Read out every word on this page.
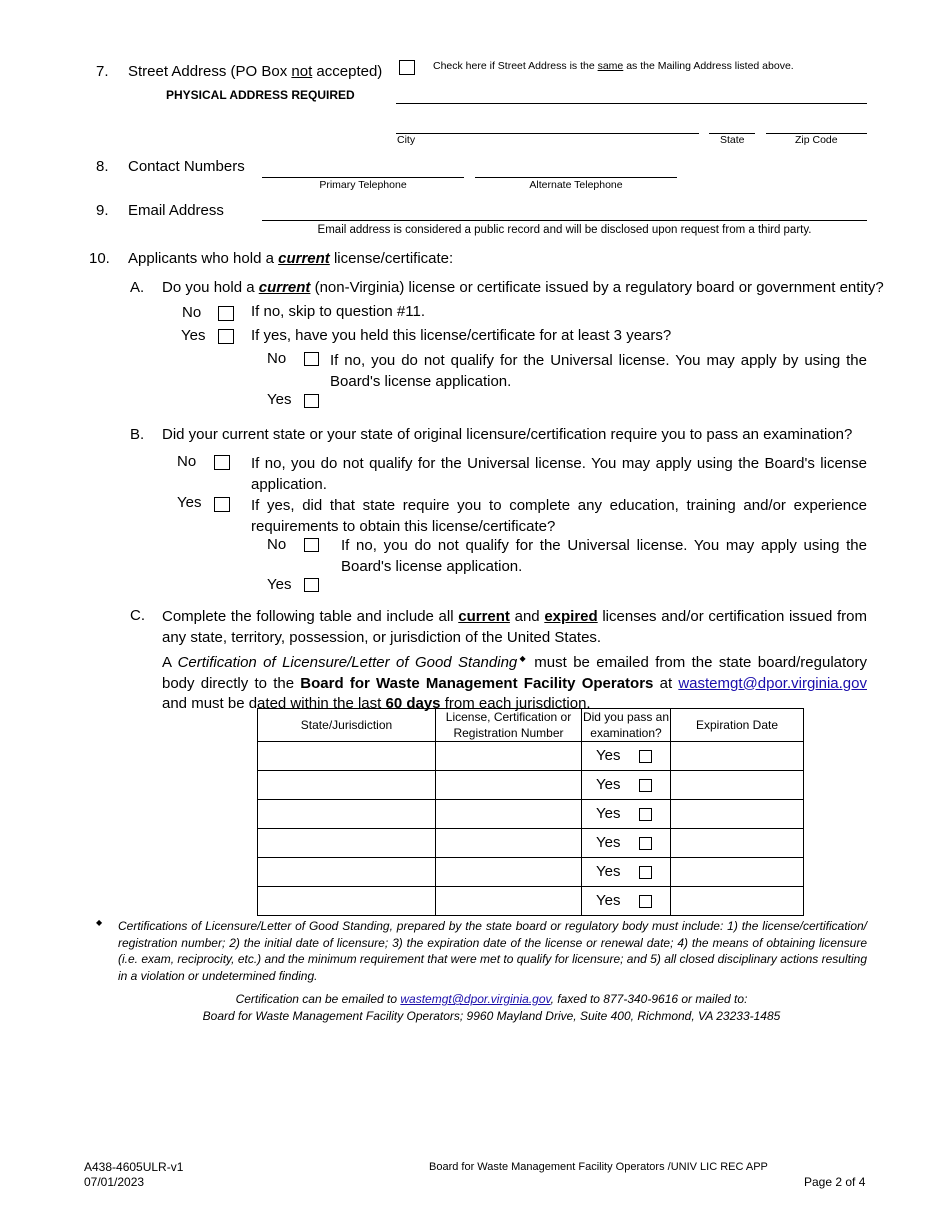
7. Street Address (PO Box not accepted)
PHYSICAL ADDRESS REQUIRED
Check here if Street Address is the same as the Mailing Address listed above.
City	State	Zip Code
8. Contact Numbers
Primary Telephone	Alternate Telephone
9. Email Address
Email address is considered a public record and will be disclosed upon request from a third party.
10. Applicants who hold a current license/certificate:
A. Do you hold a current (non-Virginia) license or certificate issued by a regulatory board or government entity?
No	If no, skip to question #11.
Yes	If yes, have you held this license/certificate for at least 3 years?
No	If no, you do not qualify for the Universal license. You may apply by using the Board's license application.
Yes
B. Did your current state or your state of original licensure/certification require you to pass an examination?
No	If no, you do not qualify for the Universal license. You may apply using the Board's license application.
Yes	If yes, did that state require you to complete any education, training and/or experience requirements to obtain this license/certificate?
No	If no, you do not qualify for the Universal license. You may apply using the Board's license application.
Yes
C. Complete the following table and include all current and expired licenses and/or certification issued from any state, territory, possession, or jurisdiction of the United States.
A Certification of Licensure/Letter of Good Standing◆ must be emailed from the state board/regulatory body directly to the Board for Waste Management Facility Operators at wastemgt@dpor.virginia.gov and must be dated within the last 60 days from each jurisdiction.
State/Jurisdiction	License, Certification or Registration Number	Did you pass an examination?	Expiration Date

		Yes	

		Yes	

		Yes	

		Yes	

		Yes	

		Yes	

◆ Certifications of Licensure/Letter of Good Standing, prepared by the state board or regulatory body must include: 1) the license/certification/ registration number; 2) the initial date of licensure; 3) the expiration date of the license or renewal date; 4) the means of obtaining licensure (i.e. exam, reciprocity, etc.) and the minimum requirement that were met to qualify for licensure; and 5) all closed disciplinary actions resulting in a violation or undetermined finding.
Certification can be emailed to wastemgt@dpor.virginia.gov, faxed to 877-340-9616 or mailed to:
Board for Waste Management Facility Operators; 9960 Mayland Drive, Suite 400, Richmond, VA 23233-1485
A438-4605ULR-v1
07/01/2023
Board for Waste Management Facility Operators /UNIV LIC REC APP
Page 2 of 4
